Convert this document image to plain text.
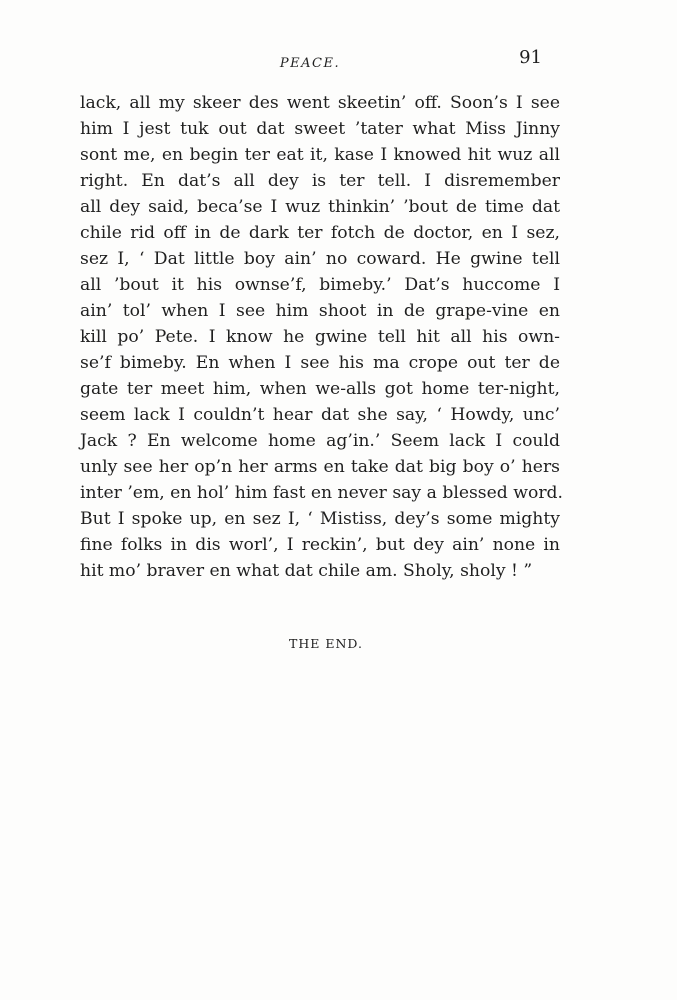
PEACE.	91

lack, all my skeer des went skeetin’ off. Soon’s I see
him I jest tuk out dat sweet ’tater what Miss Jinny
sont me, en begin ter eat it, kase I knowed hit wuz all
right. En dat’s all dey is ter tell. I disremember
all dey said, beca’se I wuz thinkin’ ’bout de time dat
chile rid off in de dark ter fotch de doctor, en I sez,
sez I, ‘ Dat little boy ain’ no coward. He gwine tell
all ’bout it his ownse’f, bimeby.’ Dat’s huccome I
ain’ tol’ when I see him shoot in de grape-vine en
kill po’ Pete. I know he gwine tell hit all his own-
se’f bimeby. En when I see his ma crope out ter de
gate ter meet him, when we-alls got home ter-night,
seem lack I couldn’t hear dat she say, ‘ Howdy, unc’
Jack ? En welcome home ag’in.’ Seem lack I could
unly see her op’n her arms en take dat big boy o’ hers
inter ’em, en hol’ him fast en never say a blessed word.
But I spoke up, en sez I, ‘ Mistiss, dey’s some mighty
fine folks in dis worl’, I reckin’, but dey ain’ none in
hit mo’ braver en what dat chile am. Sholy, sholy ! ”

THE END.
